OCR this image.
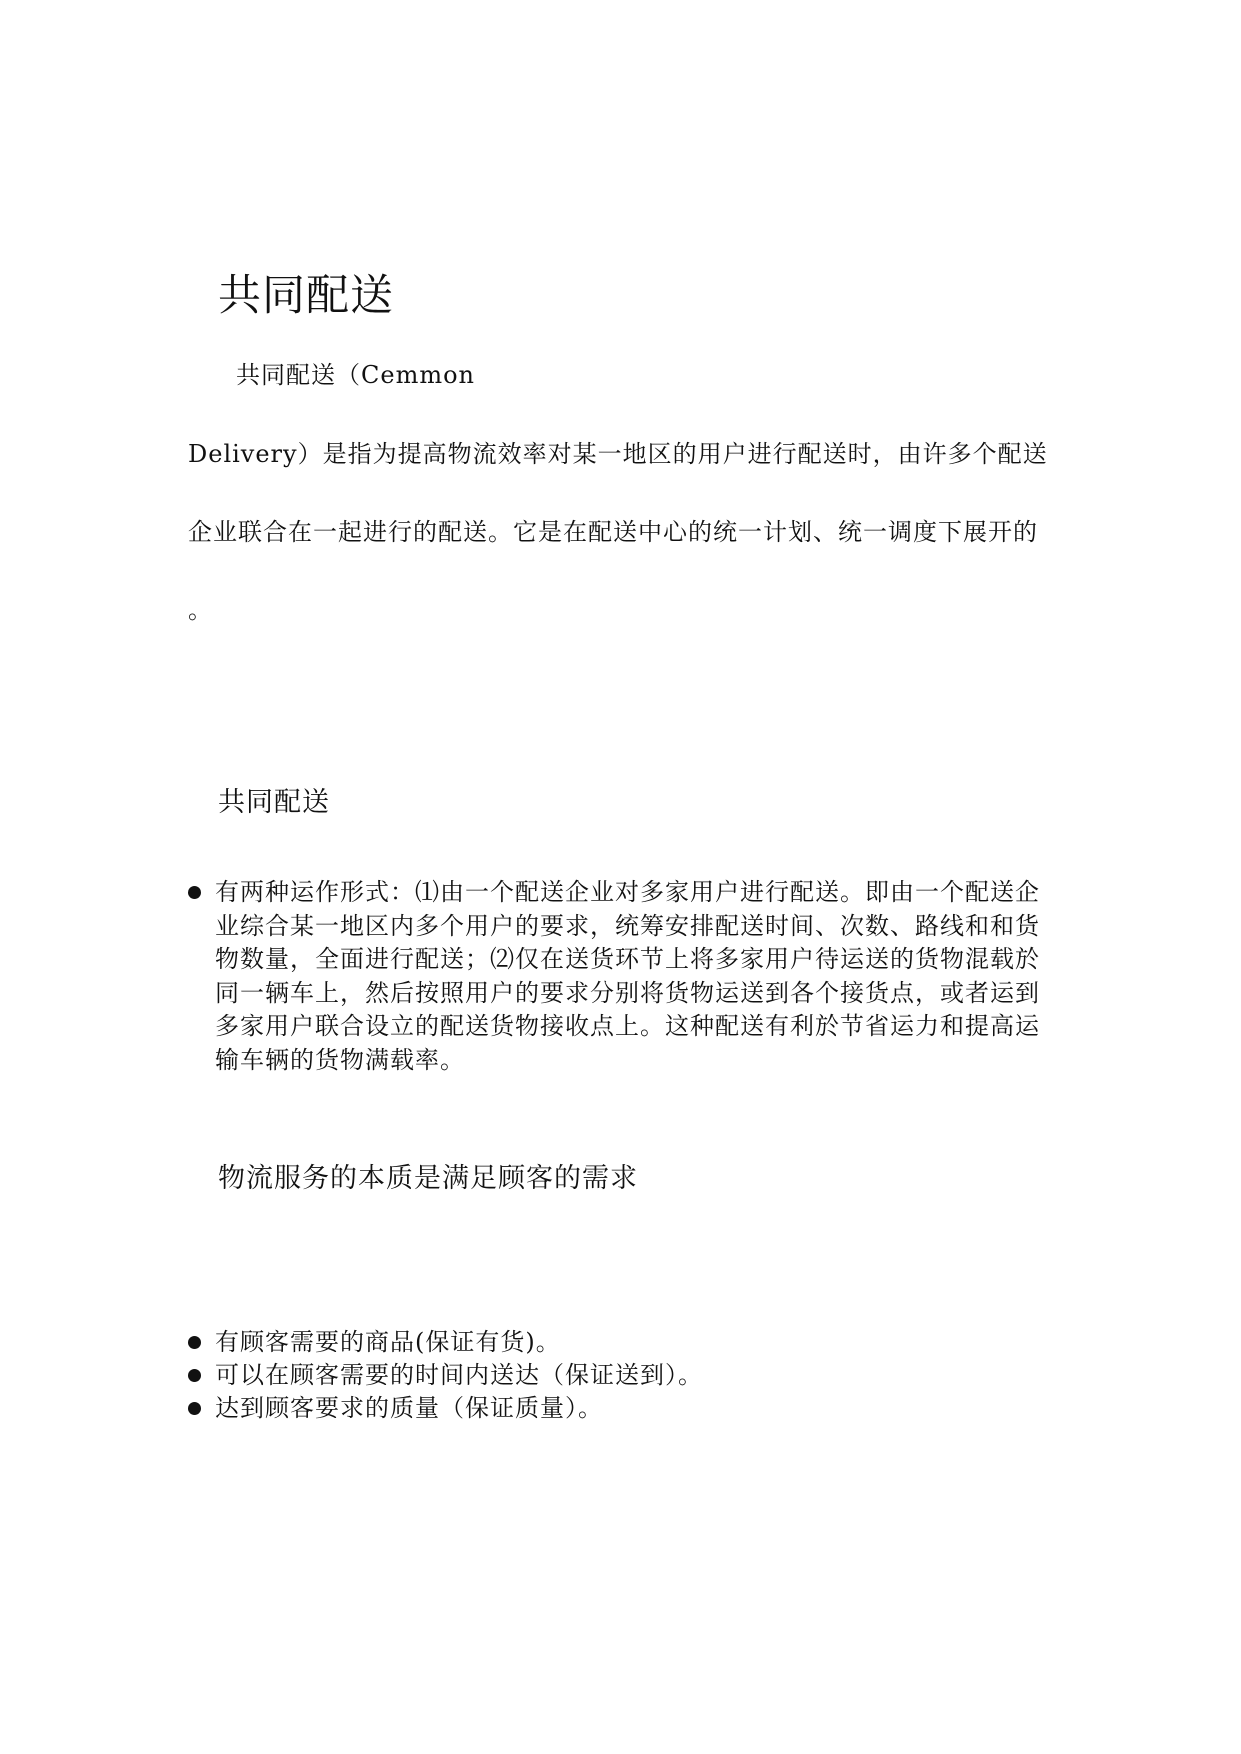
共同配送
共同配送（Cemmon
Delivery）是指为提高物流效率对某一地区的用户进行配送时，由许多个配送
企业联合在一起进行的配送。它是在配送中心的统一计划、统一调度下展开的
。
共同配送
有两种运作形式：⑴由一个配送企业对多家用户进行配送。即由一个配送企业综合某一地区内多个用户的要求，统筹安排配送时间、次数、路线和和货物数量，全面进行配送；⑵仅在送货环节上将多家用户待运送的货物混载於同一辆车上，然后按照用户的要求分别将货物运送到各个接货点，或者运到多家用户联合设立的配送货物接收点上。这种配送有利於节省运力和提高运输车辆的货物满载率。
物流服务的本质是满足顾客的需求
有顾客需要的商品(保证有货)。
可以在顾客需要的时间内送达（保证送到）。
达到顾客要求的质量（保证质量）。
